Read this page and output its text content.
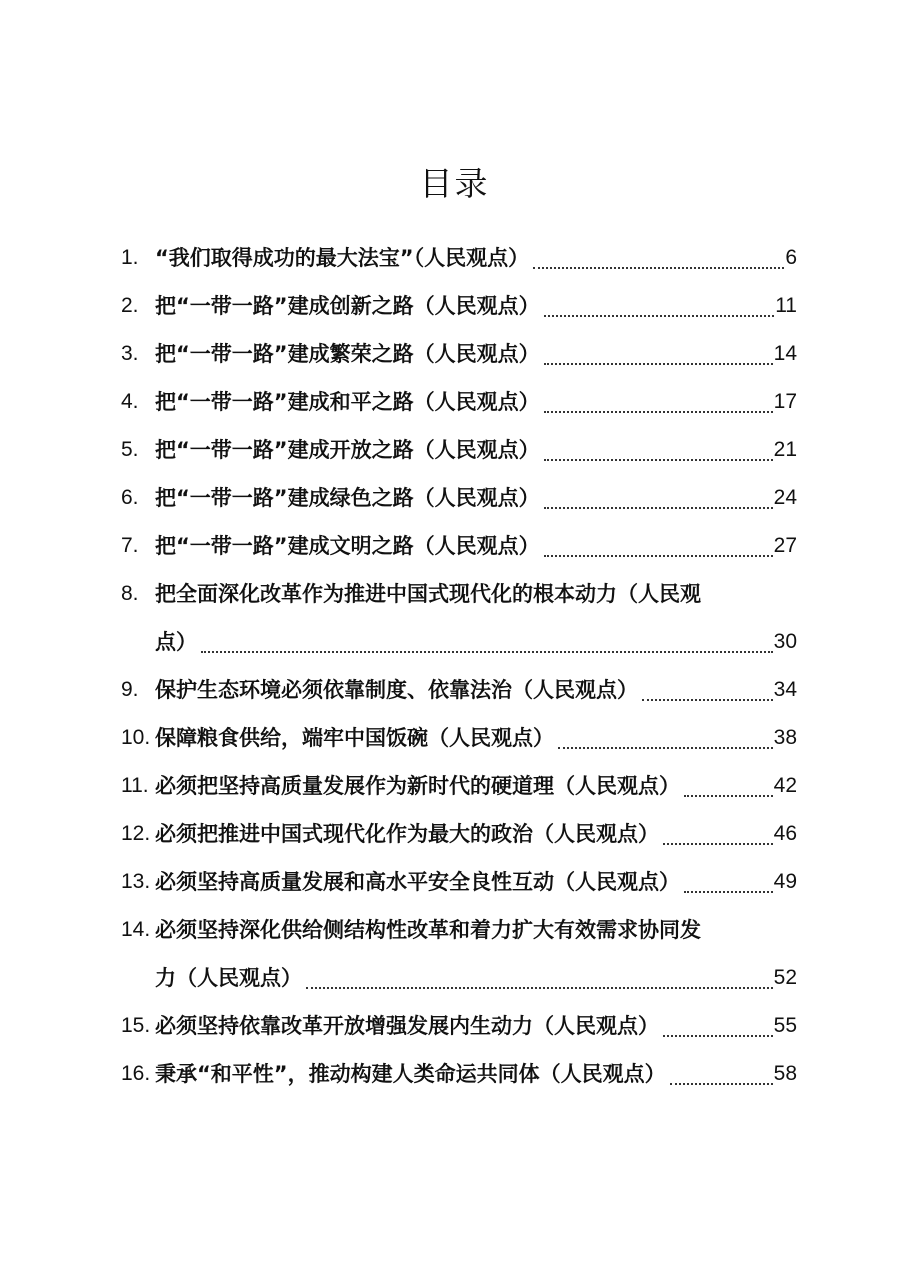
目录
1. “我们取得成功的最大法宝”（人民观点）	6
2. 把“一带一路”建成创新之路（人民观点）	11
3. 把“一带一路”建成繁荣之路（人民观点）	14
4. 把“一带一路”建成和平之路（人民观点）	17
5. 把“一带一路”建成开放之路（人民观点）	21
6. 把“一带一路”建成绿色之路（人民观点）	24
7. 把“一带一路”建成文明之路（人民观点）	27
8. 把全面深化改革作为推进中国式现代化的根本动力（人民观
点）	30
9. 保护生态环境必须依靠制度、依靠法治（人民观点）	34
10. 保障粮食供给，端牢中国饭碗（人民观点）	38
11. 必须把坚持高质量发展作为新时代的硬道理（人民观点）	42
12. 必须把推进中国式现代化作为最大的政治（人民观点）	46
13. 必须坚持高质量发展和高水平安全良性互动（人民观点）	49
14. 必须坚持深化供给侧结构性改革和着力扩大有效需求协同发
力（人民观点）	52
15. 必须坚持依靠改革开放增强发展内生动力（人民观点）	55
16. 秉承“和平性”，推动构建人类命运共同体（人民观点）	58
